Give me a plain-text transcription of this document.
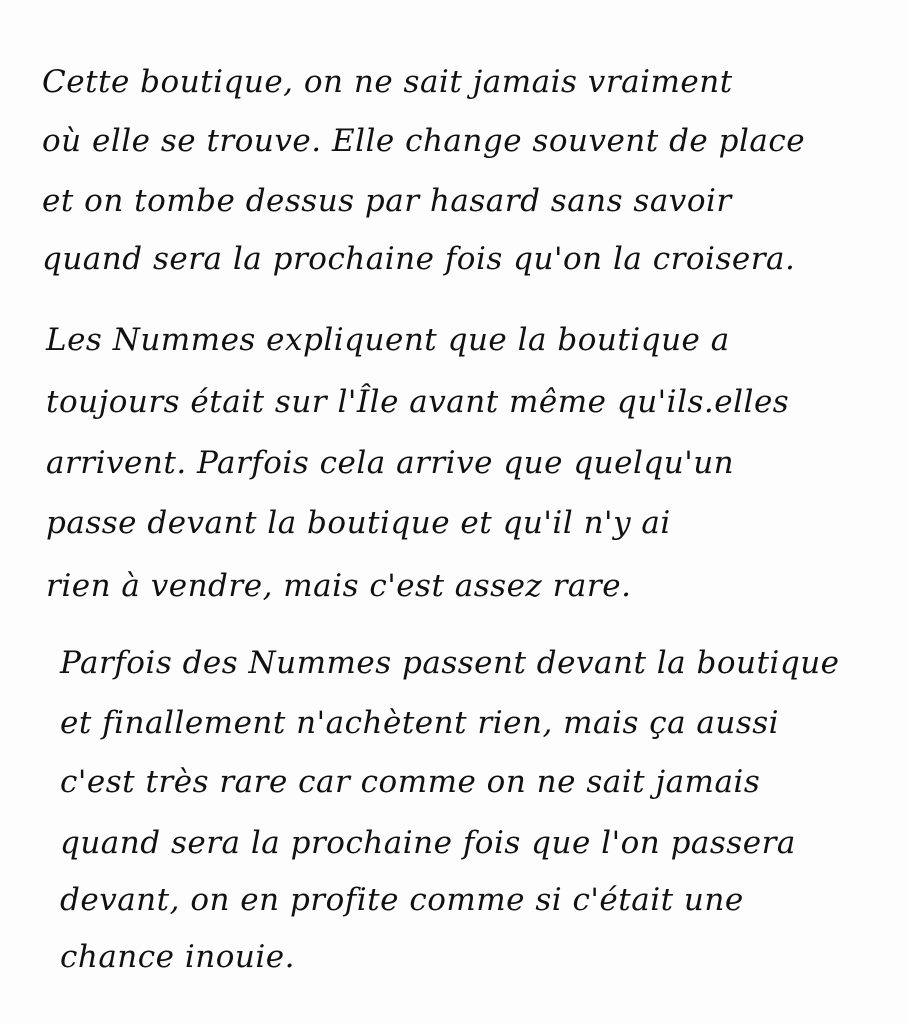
Cette boutique, on ne sait jamais vraiment
où elle se trouve. Elle change souvent de place
et on tombe dessus par hasard sans savoir
quand sera la prochaine fois qu'on la croisera.
Les Nummes expliquent que la boutique a
toujours était sur l'Île avant même qu'ils.elles
arrivent. Parfois cela arrive que quelqu'un
passe devant la boutique et qu'il n'y ai
rien à vendre, mais c'est assez rare.
Parfois des Nummes passent devant la boutique
et finallement n'achètent rien, mais ça aussi
c'est très rare car comme on ne sait jamais
quand sera la prochaine fois que l'on passera
devant, on en profite comme si c'était une
chance inouie.
